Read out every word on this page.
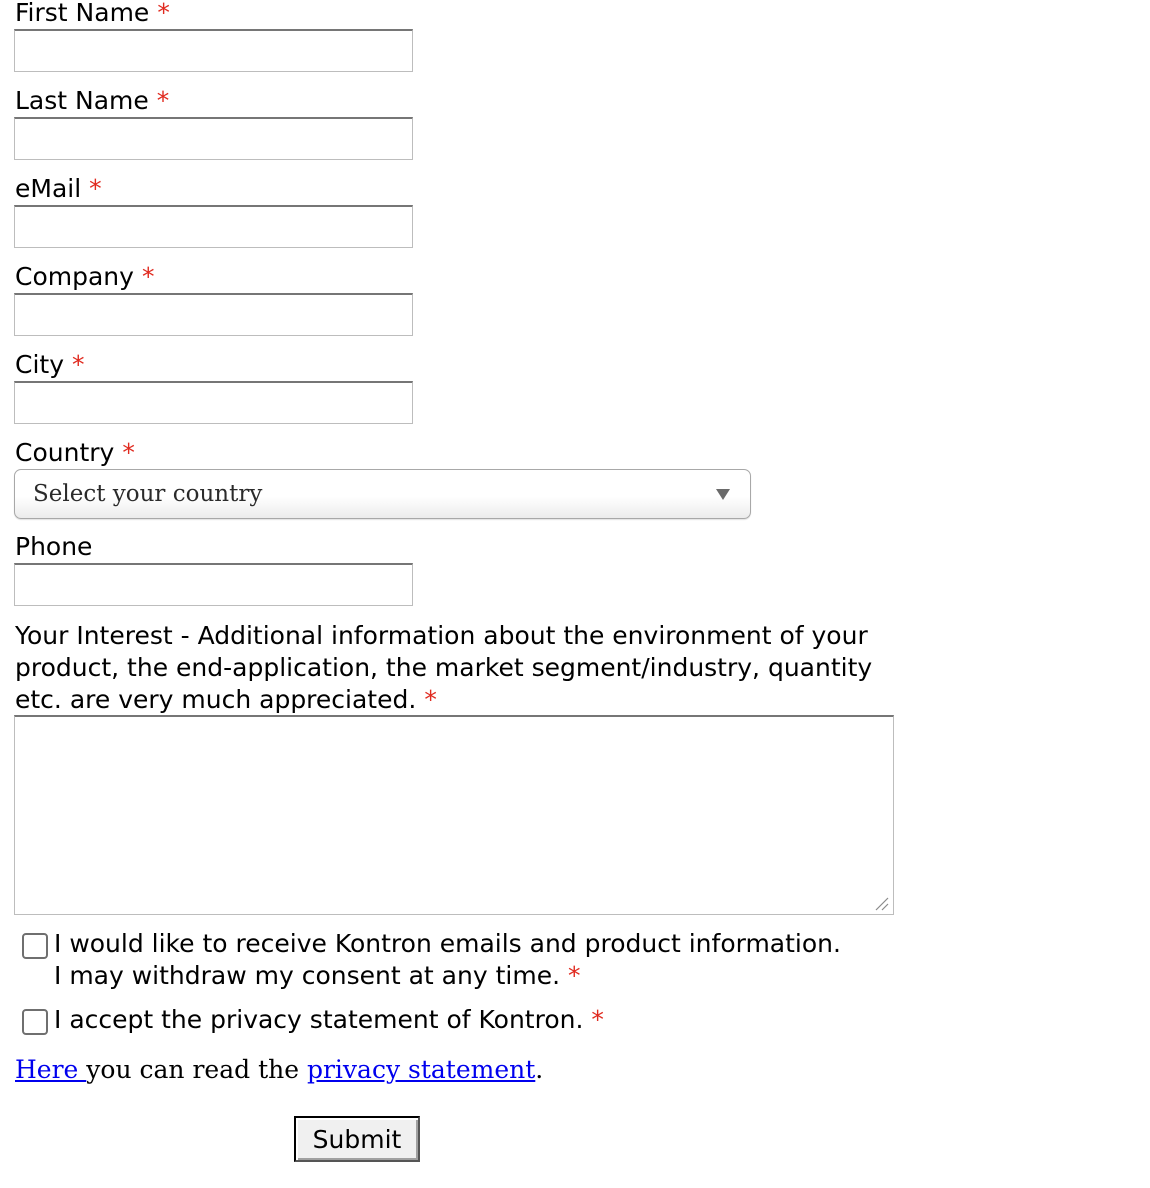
First Name *
Last Name *
eMail *
Company *
City *
Country *
Select your country
Phone

Your Interest - Additional information about the environment of your product, the end-application, the market segment/industry, quantity etc. are very much appreciated. *

I would like to receive Kontron emails and product information.
I may withdraw my consent at any time. *
I accept the privacy statement of Kontron. *
Here you can read the privacy statement.
Submit
